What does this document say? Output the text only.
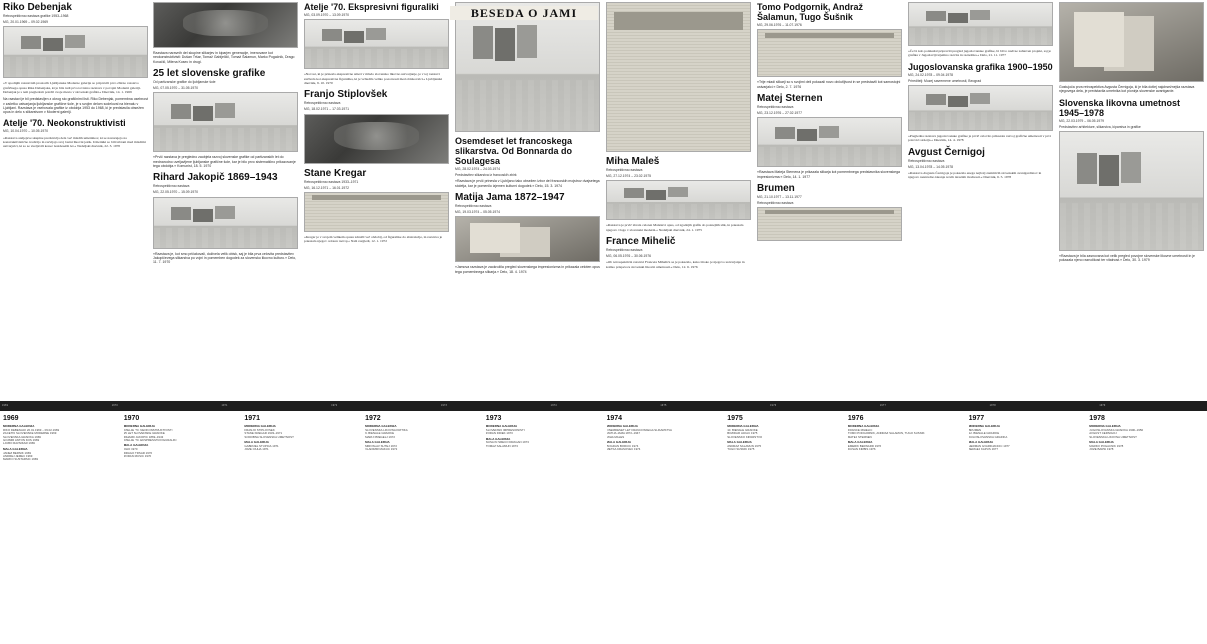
BESEDA O JAMI
Riko Debenjak
Retrospektivna razstava grafike 1953–1968
MG, 20.01.1969 – 09.02.1969
»V spodnjih razstavnih prostorih Ljubljanske Moderne galerije so pripravili prvo zbirno razstavo grafičnega opusa Rika Debenjaka, ki je bila tudi prva tovrstna razstava v povojni Moderni galeriji. Debenjak je s tem pregledom potrdil svoje mesto v slovenski grafiki.« Dnevnik, 14. 1. 1969
Na razstavi je bil predstavljen z okrog sto grafičnimi listi. Riko Debenjak, pomembna osebnost v začetku ustvarjanja ljubljanske grafične šole, je s svojim delom sodeloval na bienalu v Ljubljani. Razstava je vsebovala grafike iz obdobja 1953 do 1968, ki je predstavila obsežen opus in delo s slikarstvom v Moderni galeriji.
Atelje '70. Neokonstruktivisti
MG, 10.04.1970 – 10.05.1970
»Razstava ateljejeve skupine predstavlja dela več mladih umetnikov, ki se navezujejo na konstruktivistično tradicijo in razvijajo svoj lastni likovni jezik. Umetniki so bili izbrani med mladimi ustvarjalci, ki so se uveljavili konec šestdesetih let.« Nedeljski dnevnik, 22. 3. 1970
Razstava naravnih del skupine slikarjev in kiparjev generacije, imenovane kot neokonstruktivisti: Dušan Tršar, Tomaž Gabijelčič, Tomaž Šalamun, Marko Pogačnik, Drago Kovačič, Milena Kosec in drugi.
25 let slovenske grafike
Od partizanske grafike do ljubljanske šole
MG, 07.05.1970 – 31.05.1970
»Prvič razstava je pregledno zaobjela razvoj slovenske grafike od partizanskih let do mednarodno uveljavljene ljubljanske grafične šole, kar je bilo prvo sistematično prikazovanje tega obdobja.« Komunist, 18. 5. 1970
Rihard Jakopič 1869–1943
Retrospektivna razstava
MG, 22.05.1970 – 15.09.1970
»Razstava je, kot smo pričakovali, doživela velik obisk, saj je bila prva celovita predstavitev Jakopičevega slikarstva po vojni in pomemben dogodek za slovensko likovno kulturo.« Delo, 11. 7. 1970
Atelje '70. Ekspresivni figuraliki
MG, 03.09.1970 – 13.09.1970
»Novost, ki je prinesla ekspresivne smeri v mlado slovensko likovno ustvarjanje, je v tej razstavi zaživela kot ekspresivna figuralika, ki je vzbudila veliko pozornosti med obiskovalci.« Ljubljanski dnevnik, 9. 10. 1970
Franjo Stiplovšek
Retrospektivna razstava
MG, 18.02.1971 – 17.03.1971
Stane Kregar
Retrospektivna razstava 1933–1971
MG, 16.12.1971 – 16.01.1972
»Kregar je v svojem velikem opusu združil več obdobij, od figuralike do abstrakcije, in razstava je pokazala njegov celoten razvoj.« Naši razgledi, 12. 1. 1972
Osemdeset let francoskega slikarstva. Od Bonnarda do Soulagesa
MG, 28.02.1974 – 24.03.1974
Predstavitev slikarstva iz francoskih zbirk
»Razstava je prvič prinesla v Ljubljano tako obsežen izbor del francoskih mojstrov dvajsetega stoletja, kar je pomenilo izjemen kulturni dogodek.« Delo, 15. 3. 1974
Matija Jama 1872–1947
Retrospektivna razstava
MG, 19.03.1974 – 05.05.1974
»Jamova razstava je zaokrožila pregled slovenskega impresionizma in prikazala celoten opus tega pomembnega slikarja.« Delo, 18. 4. 1974
Miha Maleš
Retrospektivna razstava
MG, 27.12.1974 – 23.02.1975
»Razstava je prvič zbrala celoten Maleševi opus, od zgodnjih grafik do poznejših slik, in pokazala njegovo vlogo v slovenski moderni.« Nedeljski dnevnik, 24. 1. 1975
France Mihelič
Retrospektivna razstava
MG, 06.05.1976 – 30.06.1976
»Ob retrospektivni razstavi Franceta Miheliča se je pokazalo, kako široko je njegovo ustvarjanje in koliko prispeva k slovenski likovni umetnosti.« Delo, 12. 6. 1976
Tomo Podgornik, Andraž Šalamun, Tugo Šušnik
MG, 29.06.1976 – 11.07.1976
»Trije mladi slikarji so s svojimi deli pokazali novo občutljivost in se predstavili kot samostojni ustvarjalci.« Delo, 2. 7. 1976
Matej Sternen
Retrospektivna razstava
MG, 23.12.1976 – 27.02.1977
»Razstava Mateja Sternena je prikazala slikarja kot pomembnega predstavnika slovenskega impresionizma.« Delo, 14. 1. 1977
Brumen
MG, 21.10.1977 – 13.11.1977
Retrospektivna razstava
»Če bi kdo poizkušal pripraviti pregled jugoslovanske grafike, bi bil to nadvse zahteven projekt, saj je grafika v Jugoslaviji izjemno razvita in raznolika.« Delo, 21. 11. 1977
Jugoslovanska grafika 1900–1950
MG, 24.02.1978 – 09.04.1978
Prireditelj: Muzej savremene umetnosti, Beograd
»Pregledna razstava jugoslovanske grafike je prvič celovito prikazala razvoj grafične umetnosti v prvi polovici stoletja.« Dnevnik, 14. 4. 1978
Avgust Černigoj
Retrospektivna razstava
MG, 13.04.1978 – 14.05.1978
»Razstava Avgusta Černigoja je pokazala enega najbolj zanimivih slovenskih avantgardistov in njegovo neutrudno iskanje novih izraznih možnosti.« Dnevnik, 6. 5. 1978
Gostujoča prva retrospektiva Avgusta Černigoja, ki je bila dotlej najobsežnejša razstava njegovega dela, je predstavila umetnika kot pionirja slovenske avantgarde.
Slovenska likovna umetnost 1945–1978
MG, 22.03.1979 – 06.05.1979
Predstavitev arhitekture, slikarstva, kiparstva in grafike
»Razstava je bila zasnovana kot velik pregled povojne slovenske likovne umetnosti in je pokazala njeno raznolikost ter vitalnost.« Delo, 30. 3. 1979
1969	1970	1971	1972	1973	1974	1975	1976	1977	1978	1979
1969
MODERNA GALERIJA
RIKO DEBENJAK 20.01.1969 – 09.02.1969
ZAČETKI SLOVENSKE MODERNE 1969
SLOVENSKA GRAFIKA 1969
GOJMIR ANTON KOS 1969
LJUBO RAVNIKAR 1969
MALA GALERIJA
JANEZ BERNIK 1969
ANDREJ JEMEC 1969
MARKO ŠUŠTARŠIČ 1969
1970
MODERNA GALERIJA
ATELJE '70. NEOKONSTRUKTIVISTI
25 LET SLOVENSKE GRAFIKE
RIHARD JAKOPIČ 1869–1943
ATELJE '70. EKSPRESIVNI FIGURALIKI
MALA GALERIJA
OHO 1970
DRAGO TRŠAR 1970
ZORAN MUŠIČ 1970
1971
MODERNA GALERIJA
FRANJO STIPLOVŠEK
STANE KREGAR 1933–1971
SODOBNA SLOVENSKA UMETNOST
MALA GALERIJA
GABRIJEL STUPICA 1971
JOŽE CIUHA 1971
1972
MODERNA GALERIJA
SLOVENSKA LIKOVNA KRITIKA
9. BIENALE GRAFIKE
MARIJ PREGELJ 1972
MALA GALERIJA
MIROSLAV ŠUTEJ 1972
VLADIMIR MAKUC 1972
1973
MODERNA GALERIJA
SLOVENSKI IMPRESIONISTI
ZORAN DIDEK 1973
MALA GALERIJA
NUŠA IN SREČO DRAGAN 1973
TOMAŽ ŠALAMUN 1973
1974
MODERNA GALERIJA
OSEMDESET LET FRANCOSKEGA SLIKARSTVA
MATIJA JAMA 1872–1947
MIHA MALEŠ
MALA GALERIJA
BOGDAN BORČIĆ 1974
METKA KRAŠOVEC 1974
1975
MODERNA GALERIJA
10. BIENALE GRAFIKE
BOŽIDAR JAKAC 1975
SLOVENSKO KIPARSTVO
MALA GALERIJA
ANDRAŽ ŠALAMUN 1975
TUGO ŠUŠNIK 1975
1976
MODERNA GALERIJA
FRANCE MIHELIČ
TOMO PODGORNIK, ANDRAŽ ŠALAMUN, TUGO ŠUŠNIK
MATEJ STERNEN
MALA GALERIJA
EMERIK BERNARD 1976
DUŠAN KIRBIŠ 1976
1977
MODERNA GALERIJA
BRUMEN
12. BIENALE GRAFIKE
JUGOSLOVANSKA GRAFIKA
MALA GALERIJA
HERMAN GVARDJANČIČ 1977
SERGEJ KAPUS 1977
1978
MODERNA GALERIJA
JUGOSLOVANSKA GRAFIKA 1900–1950
AVGUST ČERNIGOJ
SLOVENSKA LIKOVNA UMETNOST
MALA GALERIJA
MARKO POGAČNIK 1978
JOŽE BARSI 1978
